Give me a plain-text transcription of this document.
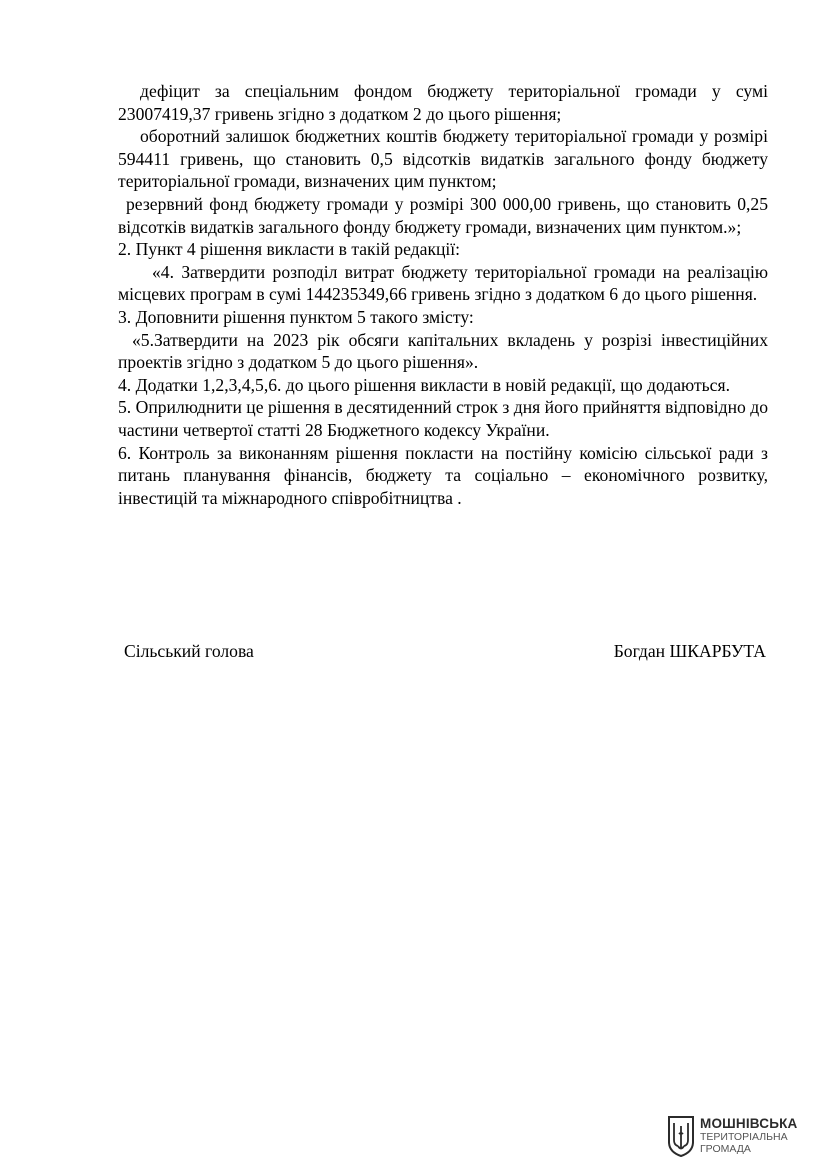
дефіцит за спеціальним фондом бюджету територіальної громади у сумі 23007419,37 гривень згідно з додатком 2 до цього рішення;

оборотний залишок бюджетних коштів бюджету територіальної громади у розмірі 594411 гривень, що становить 0,5 відсотків видатків загального фонду бюджету територіальної громади, визначених цим пунктом;

резервний фонд бюджету громади у розмірі 300 000,00 гривень, що становить 0,25 відсотків видатків загального фонду бюджету громади, визначених цим пунктом.»;

2. Пункт 4 рішення викласти в такій редакції:

«4. Затвердити розподіл витрат бюджету територіальної громади на реалізацію місцевих програм в сумі 144235349,66 гривень згідно з додатком 6 до цього рішення.

3. Доповнити рішення пунктом 5 такого змісту:

«5.Затвердити на 2023 рік обсяги капітальних вкладень у розрізі інвестиційних проектів згідно з додатком 5 до цього рішення».

4. Додатки 1,2,3,4,5,6. до цього рішення викласти в новій редакції, що додаються.

5. Оприлюднити це рішення в десятиденний строк з дня його прийняття відповідно до частини четвертої статті 28 Бюджетного кодексу України.

6. Контроль за виконанням рішення покласти на постійну комісію сільської ради з питань планування фінансів, бюджету та соціально – економічного розвитку, інвестицій та міжнародного співробітництва .

Сільський голова	Богдан ШКАРБУТА
МОШНІВСЬКА
ТЕРИТОРІАЛЬНА
ГРОМАДА
